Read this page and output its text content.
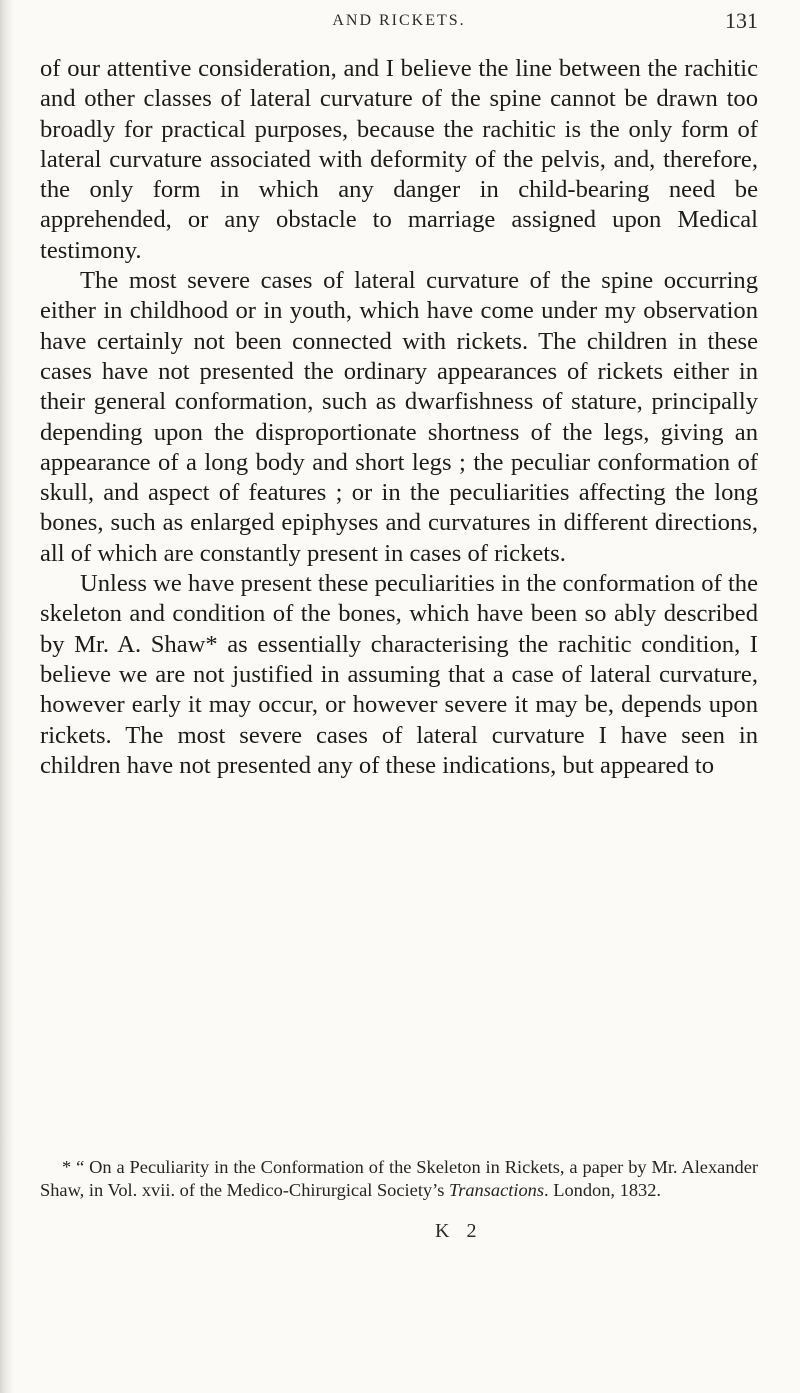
AND RICKETS.	131

of our attentive consideration, and I believe the line between the rachitic and other classes of lateral curvature of the spine cannot be drawn too broadly for practical purposes, because the rachitic is the only form of lateral curvature associated with deformity of the pelvis, and, therefore, the only form in which any danger in child-bearing need be apprehended, or any obstacle to marriage assigned upon Medical testimony.

The most severe cases of lateral curvature of the spine occurring either in childhood or in youth, which have come under my observation have certainly not been connected with rickets. The children in these cases have not presented the ordinary appearances of rickets either in their general conformation, such as dwarfishness of stature, principally depending upon the disproportionate shortness of the legs, giving an appearance of a long body and short legs ; the peculiar conformation of skull, and aspect of features ; or in the peculiarities affecting the long bones, such as enlarged epiphyses and curvatures in different directions, all of which are constantly present in cases of rickets.

Unless we have present these peculiarities in the conformation of the skeleton and condition of the bones, which have been so ably described by Mr. A. Shaw* as essentially characterising the rachitic condition, I believe we are not justified in assuming that a case of lateral curvature, however early it may occur, or however severe it may be, depends upon rickets. The most severe cases of lateral curvature I have seen in children have not presented any of these indications, but appeared to

* “ On a Peculiarity in the Conformation of the Skeleton in Rickets, a paper by Mr. Alexander Shaw, in Vol. xvii. of the Medico-Chirurgical Society’s Transactions. London, 1832.
K 2
